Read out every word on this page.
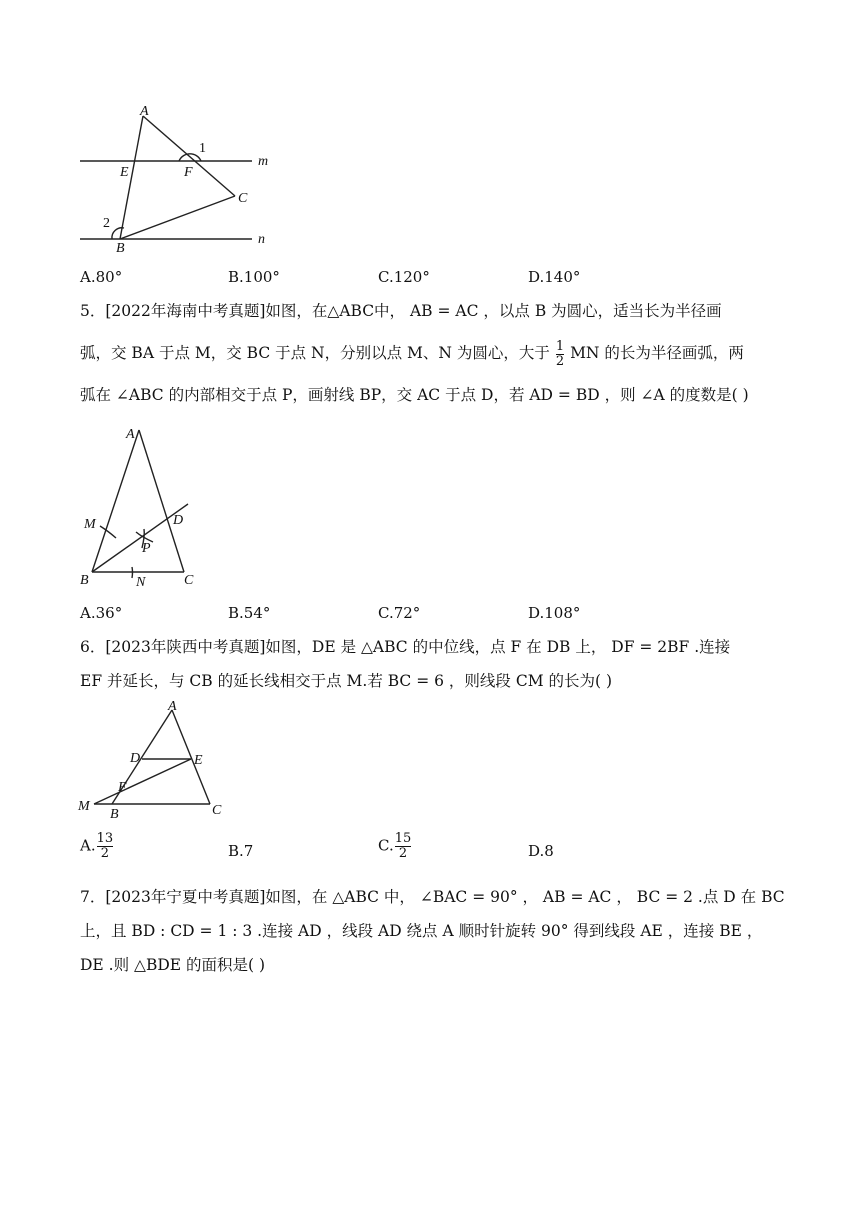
A
E	F
C
B
m
n
1
2
A.80°	B.100°	C.120°	D.140°
5．[2022年海南中考真题]如图，在△ABC中， AB = AC ，以点 B 为圆心，适当长为半径画
弧，交 BA 于点 M，交 BC 于点 N，分别以点 M、N 为圆心，大于 $\frac{1}{2}$ MN 的长为半径画弧，两
弧在 ∠ABC 的内部相交于点 P，画射线 BP，交 AC 于点 D，若 AD = BD ，则 ∠A 的度数是( )
A
M	D
P
B	N	C
A.36°	B.54°	C.72°	D.108°
6．[2023年陕西中考真题]如图，DE 是 △ABC 的中位线，点 F 在 DB 上， DF = 2BF .连接
EF 并延长，与 CB 的延长线相交于点 M.若 BC = 6 ，则线段 CM 的长为( )
A
D	E
F
M
B	C
A. $\frac{13}{2}$	B.7	C. $\frac{15}{2}$	D.8
7．[2023年宁夏中考真题]如图，在 △ABC 中， ∠BAC = 90° ， AB = AC ， BC = 2 .点 D 在 BC
上，且 BD : CD = 1 : 3 .连接 AD ，线段 AD 绕点 A 顺时针旋转 90° 得到线段 AE ，连接 BE ，
DE .则 △BDE 的面积是( )
